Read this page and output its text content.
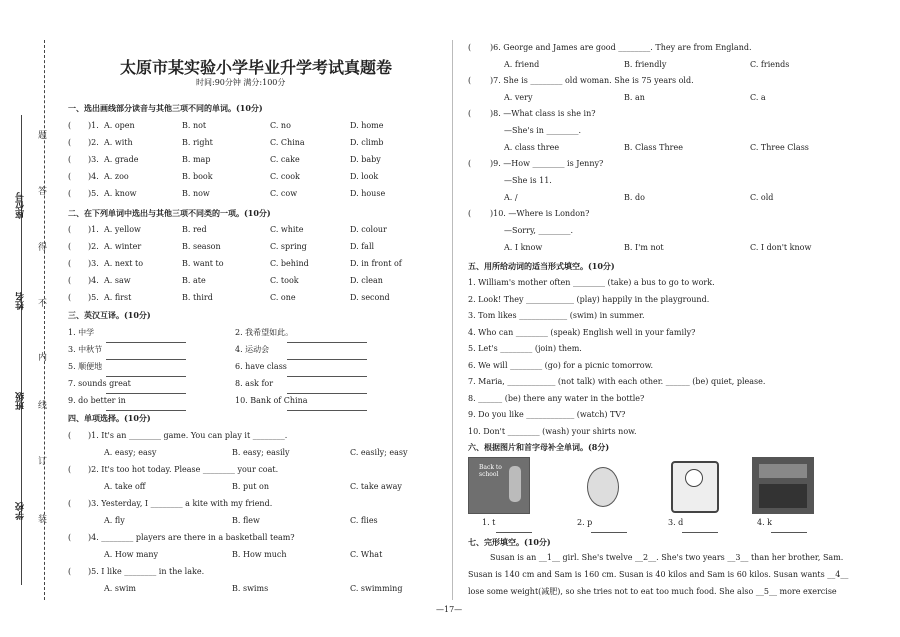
学校
班级
姓名
座位号
装
订
线
内
不
得
答
题
太原市某实验小学毕业升学考试真题卷
时间:90分钟 满分:100分
一、选出画线部分读音与其他三项不同的单词。(10分)
( )1. A. open	B. not	C. no	D. home
( )2. A. with	B. right	C. China	D. climb
( )3. A. grade	B. map	C. cake	D. baby
( )4. A. zoo	B. book	C. cook	D. look
( )5. A. know	B. now	C. cow	D. house
二、在下列单词中选出与其他三项不同类的一项。(10分)
( )1. A. yellow	B. red	C. white	D. colour
( )2. A. winter	B. season	C. spring	D. fall
( )3. A. next to	B. want to	C. behind	D. in front of
( )4. A. saw	B. ate	C. took	D. clean
( )5. A. first	B. third	C. one	D. second
三、英汉互译。(10分)
1. 中学	2. 我希望如此。
3. 中秋节	4. 运动会
5. 顺便地	6. have class
7. sounds great	8. ask for
9. do better in	10. Bank of China
四、单项选择。(10分)
( )1. It's an ________ game. You can play it ________.
A. easy; easy	B. easy; easily	C. easily; easy
( )2. It's too hot today. Please ________ your coat.
A. take off	B. put on	C. take away
( )3. Yesterday, I ________ a kite with my friend.
A. fly	B. flew	C. flies
( )4. ________ players are there in a basketball team?
A. How many	B. How much	C. What
( )5. I like ________ in the lake.
A. swim	B. swims	C. swimming
( )6. George and James are good ________. They are from England.
A. friend	B. friendly	C. friends
( )7. She is ________ old woman. She is 75 years old.
A. very	B. an	C. a
( )8. —What class is she in?
—She's in ________.
A. class three	B. Class Three	C. Three Class
( )9. —How ________ is Jenny?
—She is 11.
A. /	B. do	C. old
( )10. —Where is London?
—Sorry, ________.
A. I know	B. I'm not	C. I don't know
五、用所给动词的适当形式填空。(10分)
1. William's mother often ________ (take) a bus to go to work.
2. Look! They ____________ (play) happily in the playground.
3. Tom likes ____________ (swim) in summer.
4. Who can ________ (speak) English well in your family?
5. Let's ________ (join) them.
6. We will ________ (go) for a picnic tomorrow.
7. Maria, ____________ (not talk) with each other. ______ (be) quiet, please.
8. ______ (be) there any water in the bottle?
9. Do you like ____________ (watch) TV?
10. Don't ________ (wash) your shirts now.
六、根据图片和首字母补全单词。(8分)
Back to school
1. t	2. p	3. d	4. k
七、完形填空。(10分)
Susan is an __1__ girl. She's twelve __2__. She's two years __3__ than her brother, Sam.
Susan is 140 cm and Sam is 160 cm. Susan is 40 kilos and Sam is 60 kilos. Susan wants __4__
lose some weight(减肥), so she tries not to eat too much food. She also __5__ more exercise
—17—
